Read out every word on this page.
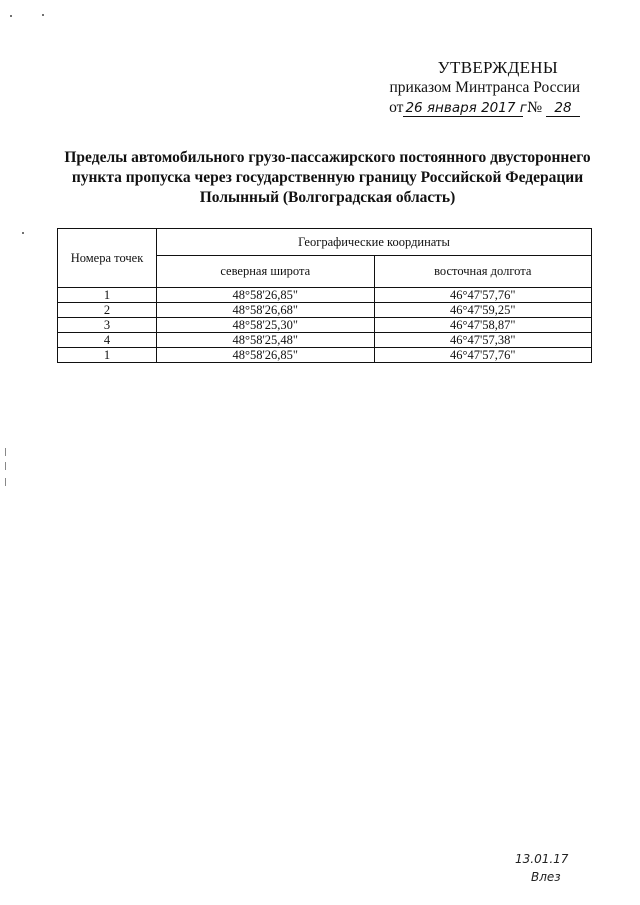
УТВЕРЖДЕНЫ
приказом Минтранса России
от 26 января 2017 г. № 28
Пределы автомобильного грузо-пассажирского постоянного двустороннего
пункта пропуска через государственную границу Российской Федерации
Полынный (Волгоградская область)
Номера точек	Географические координаты	
	северная широта	восточная долгота
1	48°58'26,85"	46°47'57,76"
2	48°58'26,68"	46°47'59,25"
3	48°58'25,30"	46°47'58,87"
4	48°58'25,48"	46°47'57,38"
1	48°58'26,85"	46°47'57,76"
13.01.17
Влез
